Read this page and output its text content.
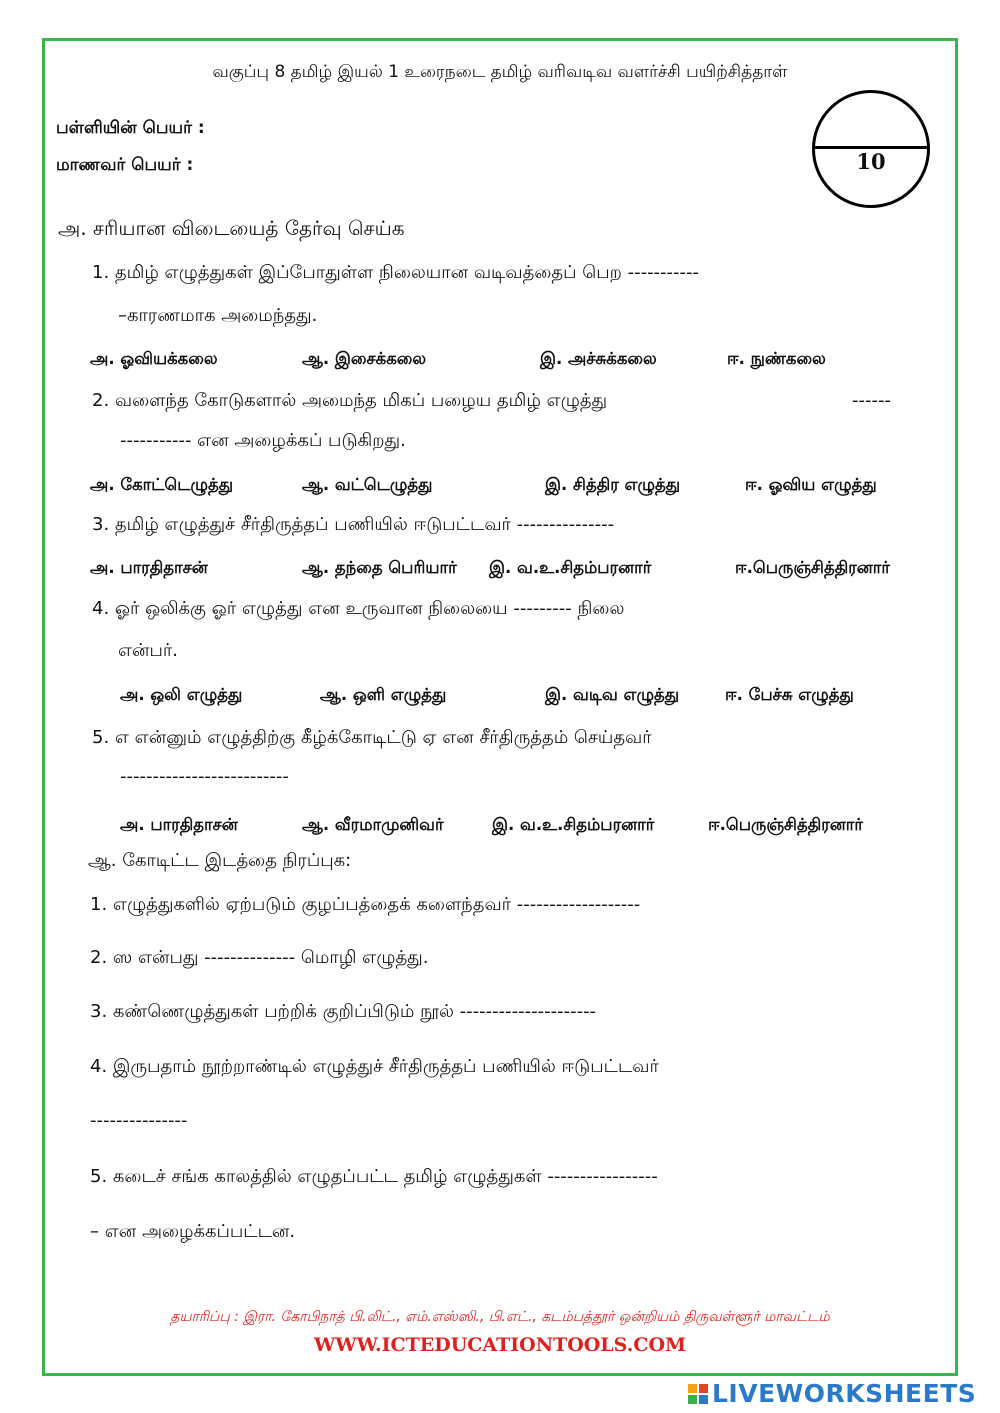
வகுப்பு 8 தமிழ் இயல் 1 உரைநடை தமிழ் வரிவடிவ வளர்ச்சி பயிற்சித்தாள்
பள்ளியின் பெயர் :
மாணவர் பெயர் :	10
அ. சரியான விடையைத் தேர்வு செய்க
1. தமிழ் எழுத்துகள் இப்போதுள்ள நிலையான வடிவத்தைப் பெற -----------
–காரணமாக அமைந்தது.
அ. ஓவியக்கலை	ஆ. இசைக்கலை	இ. அச்சுக்கலை	ஈ. நுண்கலை
2. வளைந்த கோடுகளால் அமைந்த மிகப் பழைய தமிழ் எழுத்து	------
----------- என அழைக்கப் படுகிறது.
அ. கோட்டெழுத்து	ஆ. வட்டெழுத்து	இ. சித்திர எழுத்து	ஈ. ஓவிய எழுத்து
3. தமிழ் எழுத்துச் சீர்திருத்தப் பணியில் ஈடுபட்டவர் ---------------
அ. பாரதிதாசன்	ஆ. தந்தை பெரியார் இ. வ.உ.சிதம்பரனார்	ஈ.பெருஞ்சித்திரனார்
4. ஓர் ஒலிக்கு ஓர் எழுத்து என உருவான நிலையை --------- நிலை
என்பர்.
அ. ஒலி எழுத்து	ஆ. ஒளி எழுத்து	இ. வடிவ எழுத்து	ஈ. பேச்சு எழுத்து
5. எ என்னும் எழுத்திற்கு கீழ்க்கோடிட்டு ஏ என சீர்திருத்தம் செய்தவர்
--------------------------
அ. பாரதிதாசன்	ஆ. வீரமாமுனிவர்	இ. வ.உ.சிதம்பரனார்	ஈ.பெருஞ்சித்திரனார்
ஆ. கோடிட்ட இடத்தை நிரப்புக:
1. எழுத்துகளில் ஏற்படும் குழப்பத்தைக் களைந்தவர் -------------------
2. ஸ என்பது -------------- மொழி எழுத்து.
3. கண்ணெழுத்துகள் பற்றிக் குறிப்பிடும் நூல் ---------------------
4. இருபதாம் நூற்றாண்டில் எழுத்துச் சீர்திருத்தப் பணியில் ஈடுபட்டவர்
---------------
5. கடைச் சங்க காலத்தில் எழுதப்பட்ட தமிழ் எழுத்துகள் -----------------
– என அழைக்கப்பட்டன.
தயாரிப்பு : இரா. கோபிநாத் பி.லிட்., எம்.எஸ்ஸி., பி.எட்., கடம்பத்தூர் ஒன்றியம் திருவள்ளூர் மாவட்டம்
WWW.ICTEDUCATIONTOOLS.COM
LIVEWORKSHEETS
